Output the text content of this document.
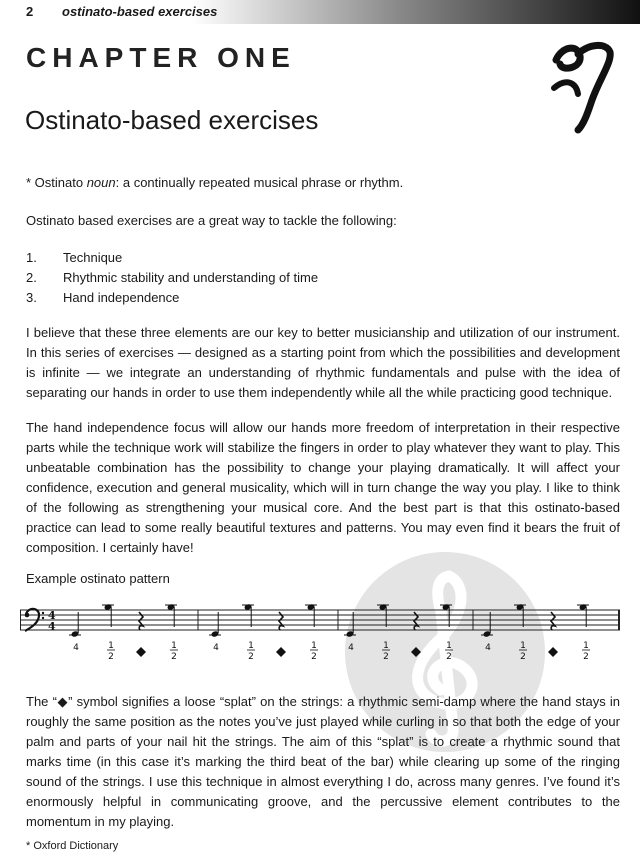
2 ostinato-based exercises
CHAPTER ONE
Ostinato-based exercises
* Ostinato noun: a continually repeated musical phrase or rhythm.
Ostinato based exercises are a great way to tackle the following:
1. Technique
2. Rhythmic stability and understanding of time
3. Hand independence
I believe that these three elements are our key to better musicianship and utilization of our instrument. In this series of exercises — designed as a starting point from which the possibilities and development is infinite — we integrate an understanding of rhythmic fundamentals and pulse with the idea of separating our hands in order to use them independently while all the while practicing good technique.
The hand independence focus will allow our hands more freedom of interpretation in their respective parts while the technique work will stabilize the fingers in order to play whatever they want to play. This unbeatable combination has the possibility to change your playing dramatically. It will affect your confidence, execution and general musicality, which will in turn change the way you play. I like to think of the following as strengthening your musical core. And the best part is that this ostinato-based practice can lead to some really beautiful textures and patterns. You may even find it bears the fruit of composition. I certainly have!
Example ostinato pattern
4
4
4	1
2
1
2
4	1
2
1
2
4	1
2
1
2
4	1
2
1
2
The “◆” symbol signifies a loose “splat” on the strings: a rhythmic semi-damp where the hand stays in roughly the same position as the notes you’ve just played while curling in so that both the edge of your palm and parts of your nail hit the strings. The aim of this “splat” is to create a rhythmic sound that marks time (in this case it’s marking the third beat of the bar) while clearing up some of the ringing sound of the strings. I use this technique in almost everything I do, across many genres. I’ve found it’s enormously helpful in communicating groove, and the percussive element contributes to the momentum in my playing.
* Oxford Dictionary
